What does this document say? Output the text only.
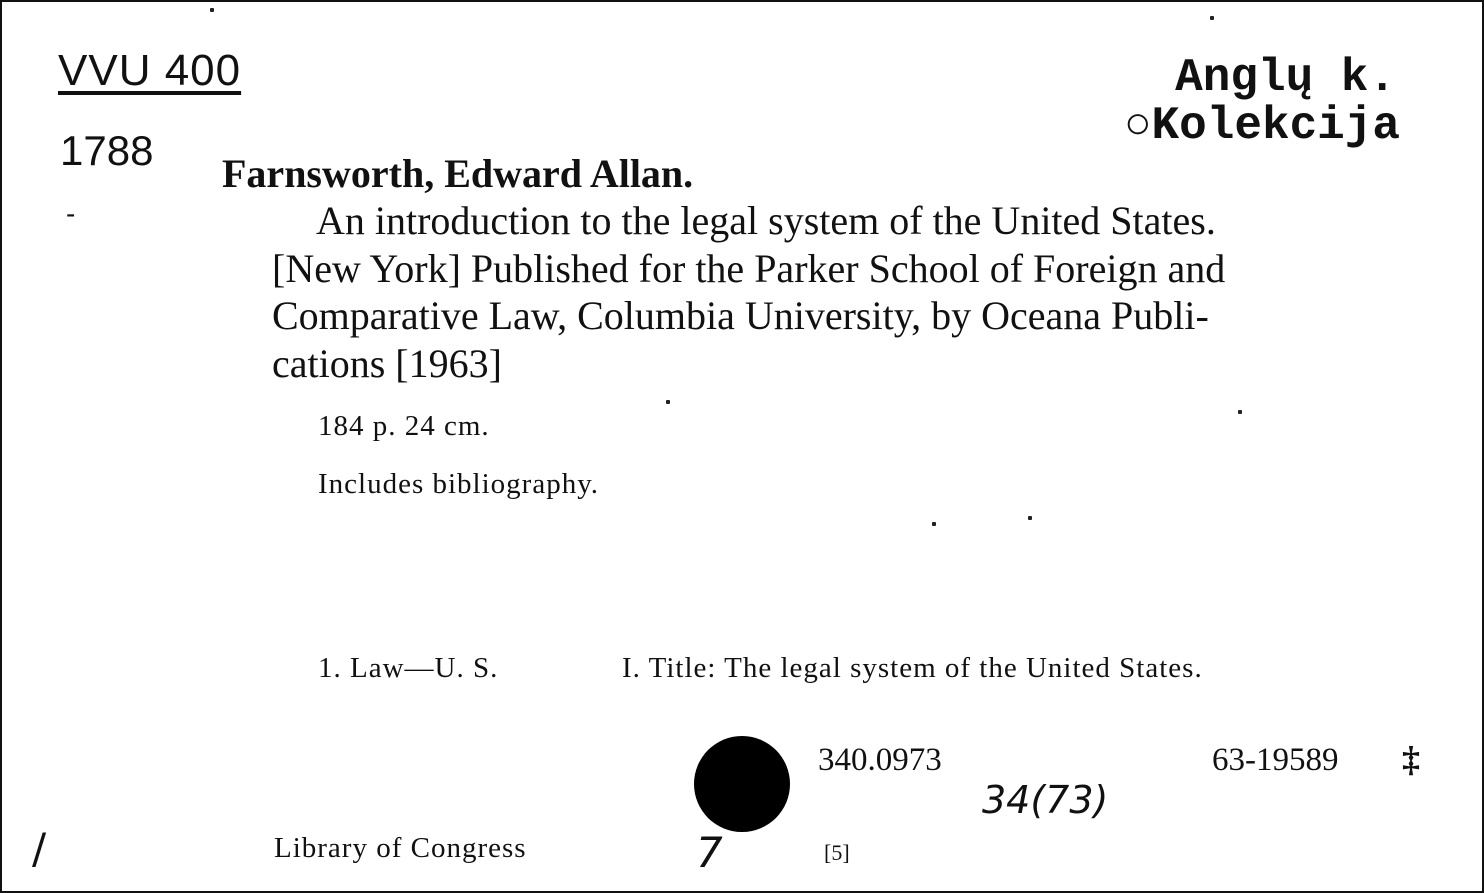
VVU 400
1788
-
Anglų k.
○Kolekcija
Farnsworth, Edward Allan.
An introduction to the legal system of the United States.
[New York] Published for the Parker School of Foreign and
Comparative Law, Columbia University, by Oceana Publi-
cations [1963]
184 p. 24 cm.
Includes bibliography.
1. Law—U. S.	I. Title: The legal system of the United States.
340.0973	63-19589 ‡
34(73)
7
/	Library of Congress	[5]
